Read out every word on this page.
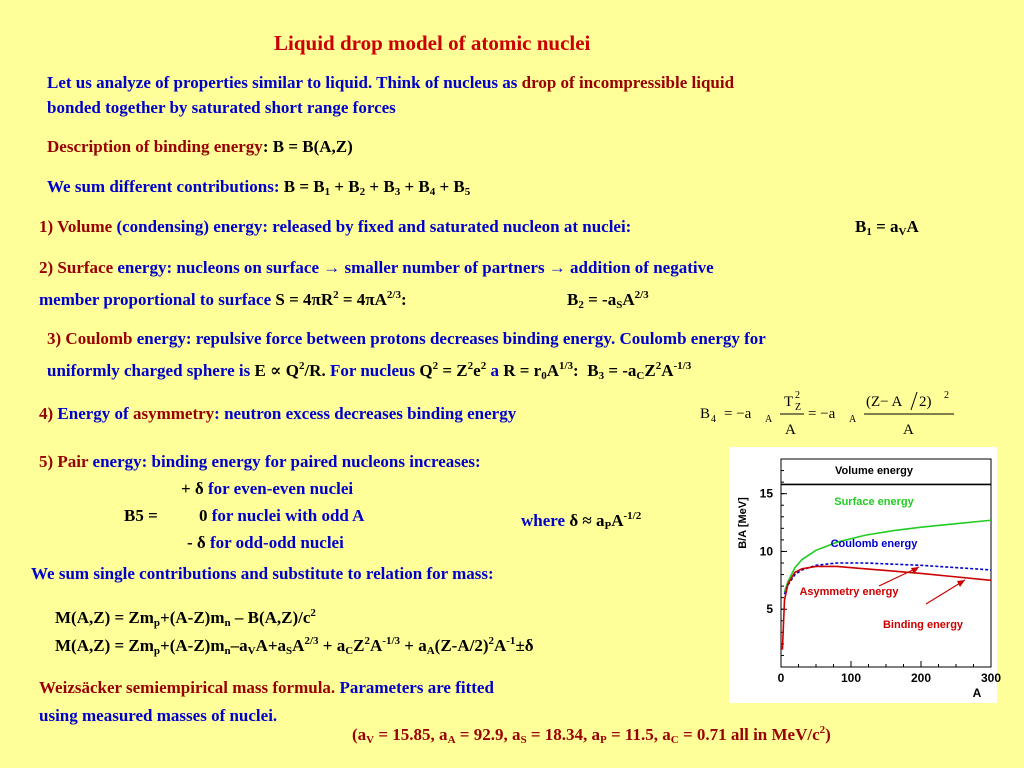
Liquid drop model of atomic nuclei
Let us analyze of properties similar to liquid. Think of nucleus as drop of incompressible liquid
bonded together by saturated short range forces
Description of binding energy: B = B(A,Z)
We sum different contributions: $B = B_1 + B_2 + B_3 + B_4 + B_5$
1) Volume (condensing) energy: released by fixed and saturated nucleon at nuclei:	$B_1 = a_VA$
2) Surface energy: nucleons on surface → smaller number of partners → addition of negative
member proportional to surface $S = 4\pi R^2 = 4\pi A^{2/3}$:	$B_2 = -a_SA^{2/3}$
3) Coulomb energy: repulsive force between protons decreases binding energy. Coulomb energy for
uniformly charged sphere is $E \propto Q^2/R$. For nucleus $Q^2 = Z^2e^2$ a $R = r_0A^{1/3}$: $B_3 = -a_CZ^2A^{-1/3}$
4) Energy of asymmetry: neutron excess decreases binding energy	B 4 = −a A
T 2
Z
A
= −a A
(Z− A 2) 2
A
5) Pair energy: binding energy for paired nucleons increases:
+ δ for even-even nuclei
B5 = 0 for nuclei with odd A	where $\delta \approx a_PA^{-1/2}$
- δ for odd-odd nuclei
We sum single contributions and substitute to relation for mass:
$M(A,Z) = Zm_p+(A-Z)m_n - B(A,Z)/c^2$
$M(A,Z) = Zm_p+(A-Z)m_n-a_VA+a_SA^{2/3} + a_CZ^2A^{-1/3} + a_A(Z-A/2)^2A^{-1}\pm\delta$
Weizsäcker semiempirical mass formula. Parameters are fitted
using measured masses of nuclei.
($a_V = 15.85$, $a_A = 92.9$, $a_S = 18.34$, $a_P = 11.5$, $a_C = 0.71$ all in MeV/$c^2$)
0	100	200	300
5
10
15
B/A [MeV]
A
Volume energy
Surface energy
Coulomb energy
Asymmetry energy
Binding energy
